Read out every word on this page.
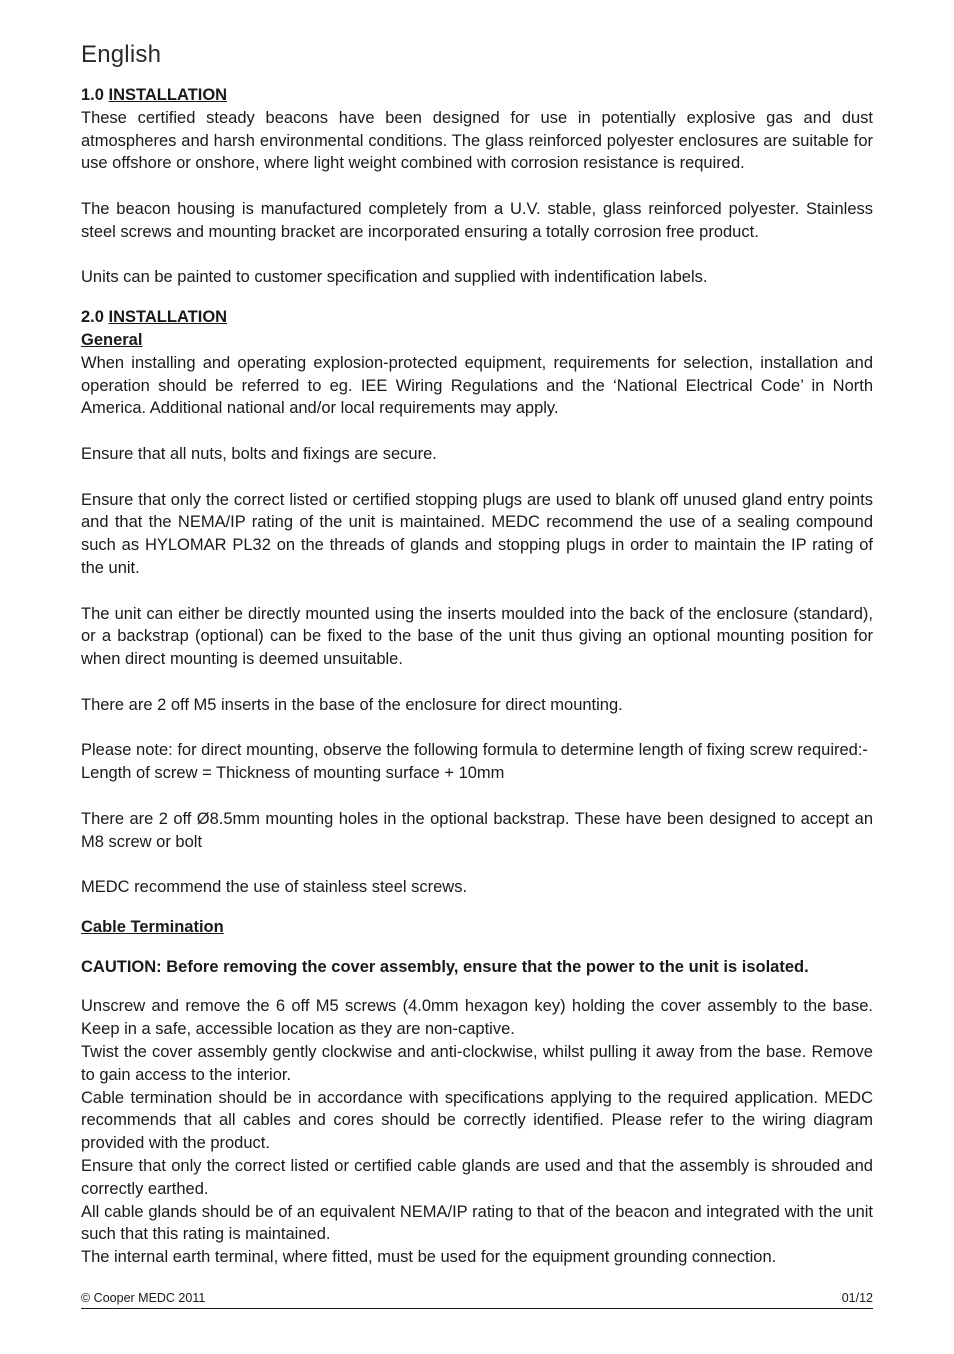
English
1.0 INSTALLATION

These certified steady beacons have been designed for use in potentially explosive gas and dust atmospheres and harsh environmental conditions. The glass reinforced polyester enclosures are suitable for use offshore or onshore, where light weight combined with corrosion resistance is required.

The beacon housing is manufactured completely from a U.V. stable, glass reinforced polyester. Stainless steel screws and mounting bracket are incorporated ensuring a totally corrosion free product.

Units can be painted to customer specification and supplied with indentification labels.

2.0 INSTALLATION
General

When installing and operating explosion-protected equipment, requirements for selection, installation and operation should be referred to eg. IEE Wiring Regulations and the ‘National Electrical Code’ in North America. Additional national and/or local requirements may apply.

Ensure that all nuts, bolts and fixings are secure.

Ensure that only the correct listed or certified stopping plugs are used to blank off unused gland entry points and that the NEMA/IP rating of the unit is maintained. MEDC recommend the use of a sealing compound such as HYLOMAR PL32 on the threads of glands and stopping plugs in order to maintain the IP rating of the unit.

The unit can either be directly mounted using the inserts moulded into the back of the enclosure (standard), or a backstrap (optional) can be fixed to the base of the unit thus giving an optional mounting position for when direct mounting is deemed unsuitable.

There are 2 off M5 inserts in the base of the enclosure for direct mounting.

Please note: for direct mounting, observe the following formula to determine length of fixing screw required:-

Length of screw = Thickness of mounting surface + 10mm

There are 2 off Ø8.5mm mounting holes in the optional backstrap. These have been designed to accept an M8 screw or bolt

MEDC recommend the use of stainless steel screws.

Cable Termination

CAUTION: Before removing the cover assembly, ensure that the power to the unit is isolated.

Unscrew and remove the 6 off M5 screws (4.0mm hexagon key) holding the cover assembly to the base. Keep in a safe, accessible location as they are non-captive.

Twist the cover assembly gently clockwise and anti-clockwise, whilst pulling it away from the base. Remove to gain access to the interior.

Cable termination should be in accordance with specifications applying to the required application. MEDC recommends that all cables and cores should be correctly identified. Please refer to the wiring diagram provided with the product.

Ensure that only the correct listed or certified cable glands are used and that the assembly is shrouded and correctly earthed.

All cable glands should be of an equivalent NEMA/IP rating to that of the beacon and integrated with the unit such that this rating is maintained.

The internal earth terminal, where fitted, must be used for the equipment grounding connection.

© Cooper MEDC 2011	01/12
